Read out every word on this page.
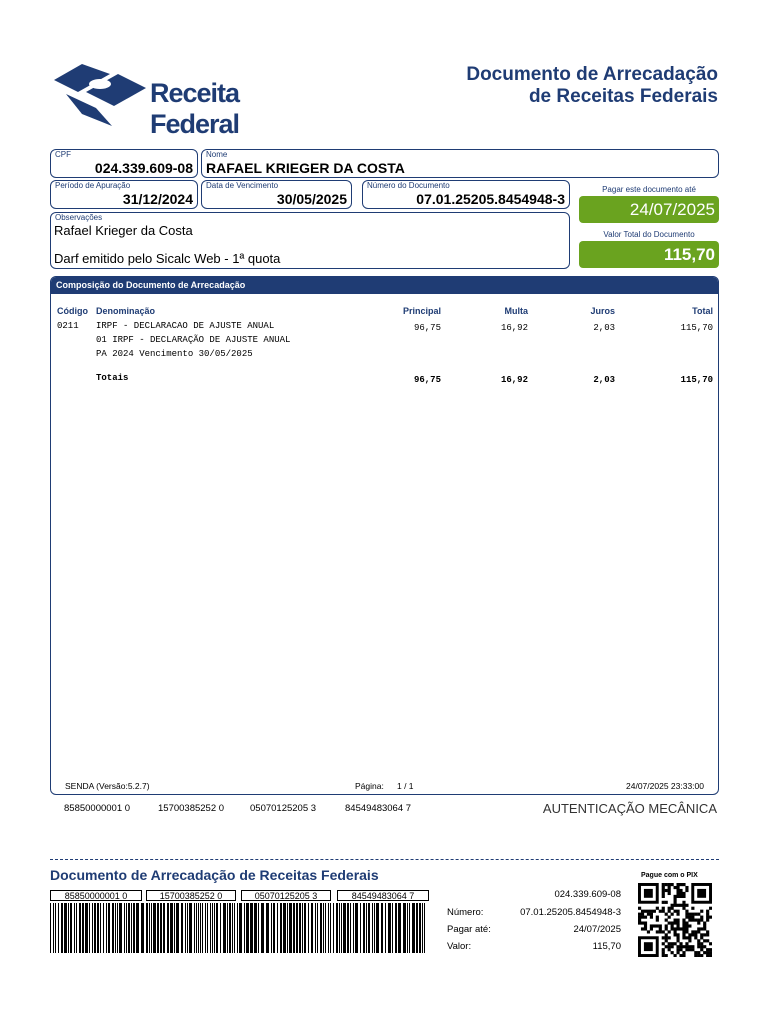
Receita Federal
Documento de Arrecadação
de Receitas Federais
CPF
024.339.609-08
Nome
RAFAEL KRIEGER DA COSTA
Período de Apuração
31/12/2024
Data de Vencimento
30/05/2025
Número do Documento
07.01.25205.8454948-3
Pagar este documento até
24/07/2025
Observações
Rafael Krieger da Costa
Darf emitido pelo Sicalc Web - 1ª quota
Valor Total do Documento
115,70
Composição do Documento de Arrecadação
Código Denominação	Principal	Multa	Juros	Total
0211 IRPF - DECLARACAO DE AJUSTE ANUAL
01 IRPF - DECLARAÇÃO DE AJUSTE ANUAL
PA 2024 Vencimento 30/05/2025
96,75	16,92	2,03	115,70
Totais	96,75	16,92	2,03	115,70
SENDA (Versão:5.2.7)	Página: 1 / 1	24/07/2025 23:33:00
85850000001 0	15700385252 0	05070125205 3	84549483064 7	AUTENTICAÇÃO MECÂNICA
Documento de Arrecadação de Receitas Federais
85850000001 0	15700385252 0	05070125205 3	84549483064 7	024.339.609-08
Número:	07.01.25205.8454948-3
Pagar até:	24/07/2025
Valor:	115,70
Pague com o PIX
